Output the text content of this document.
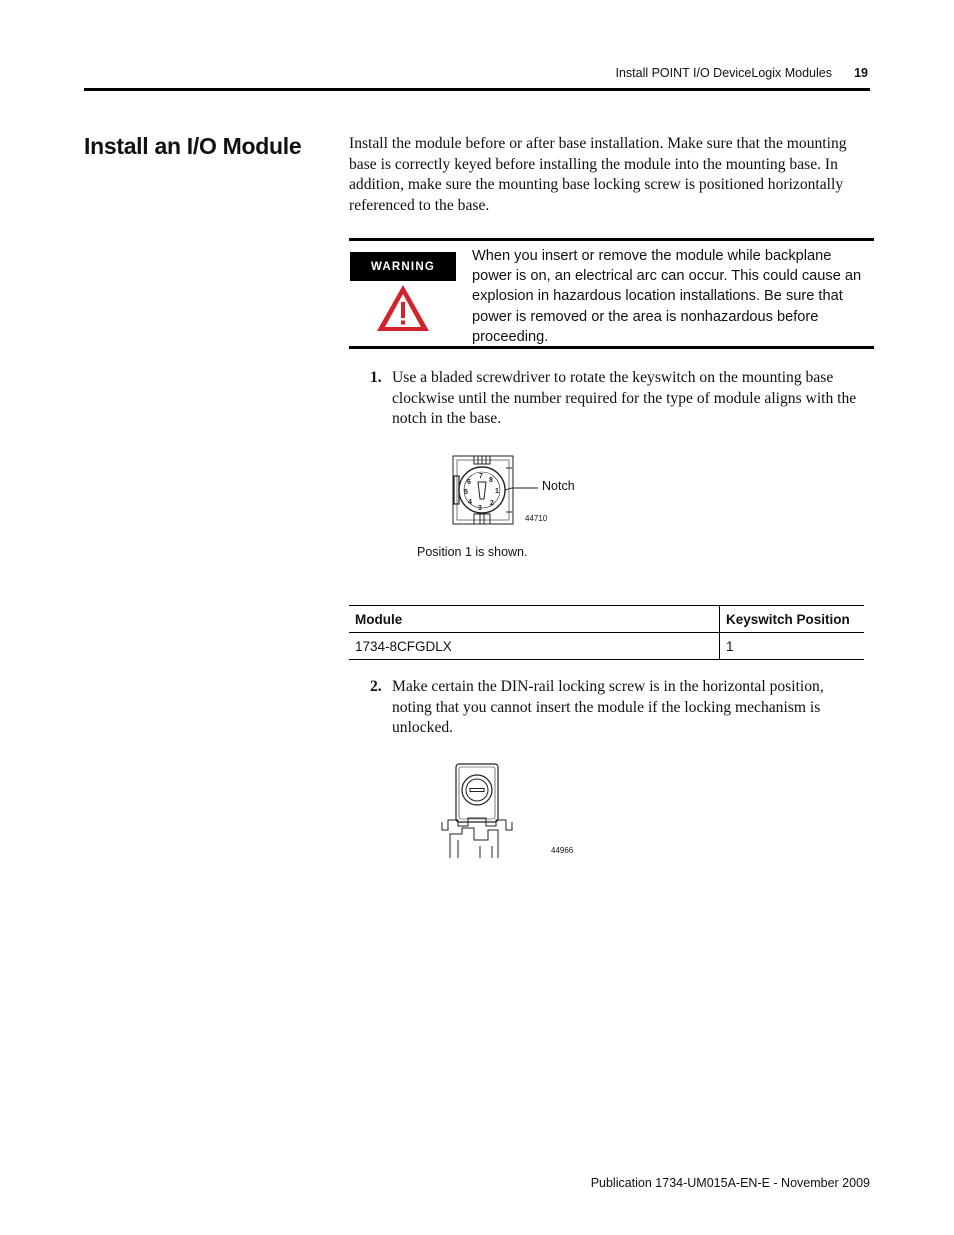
Install POINT I/O DeviceLogix Modules 19
Install an I/O Module	Install the module before or after base installation. Make sure that the mounting base is correctly keyed before installing the module into the mounting base. In addition, make sure the mounting base locking screw is positioned horizontally referenced to the base.
WARNING
When you insert or remove the module while backplane power is on, an electrical arc can occur. This could cause an explosion in hazardous location installations. Be sure that power is removed or the area is nonhazardous before proceeding.
1. Use a bladed screwdriver to rotate the keyswitch on the mounting base clockwise until the number required for the type of module aligns with the notch in the base.
7
8
1
2
3
4
5
6	Notch
44710
Position 1 is shown.
Module	Keyswitch Position
1734-8CFGDLX	1
2. Make certain the DIN-rail locking screw is in the horizontal position, noting that you cannot insert the module if the locking mechanism is unlocked.
44966
Publication 1734-UM015A-EN-E - November 2009
